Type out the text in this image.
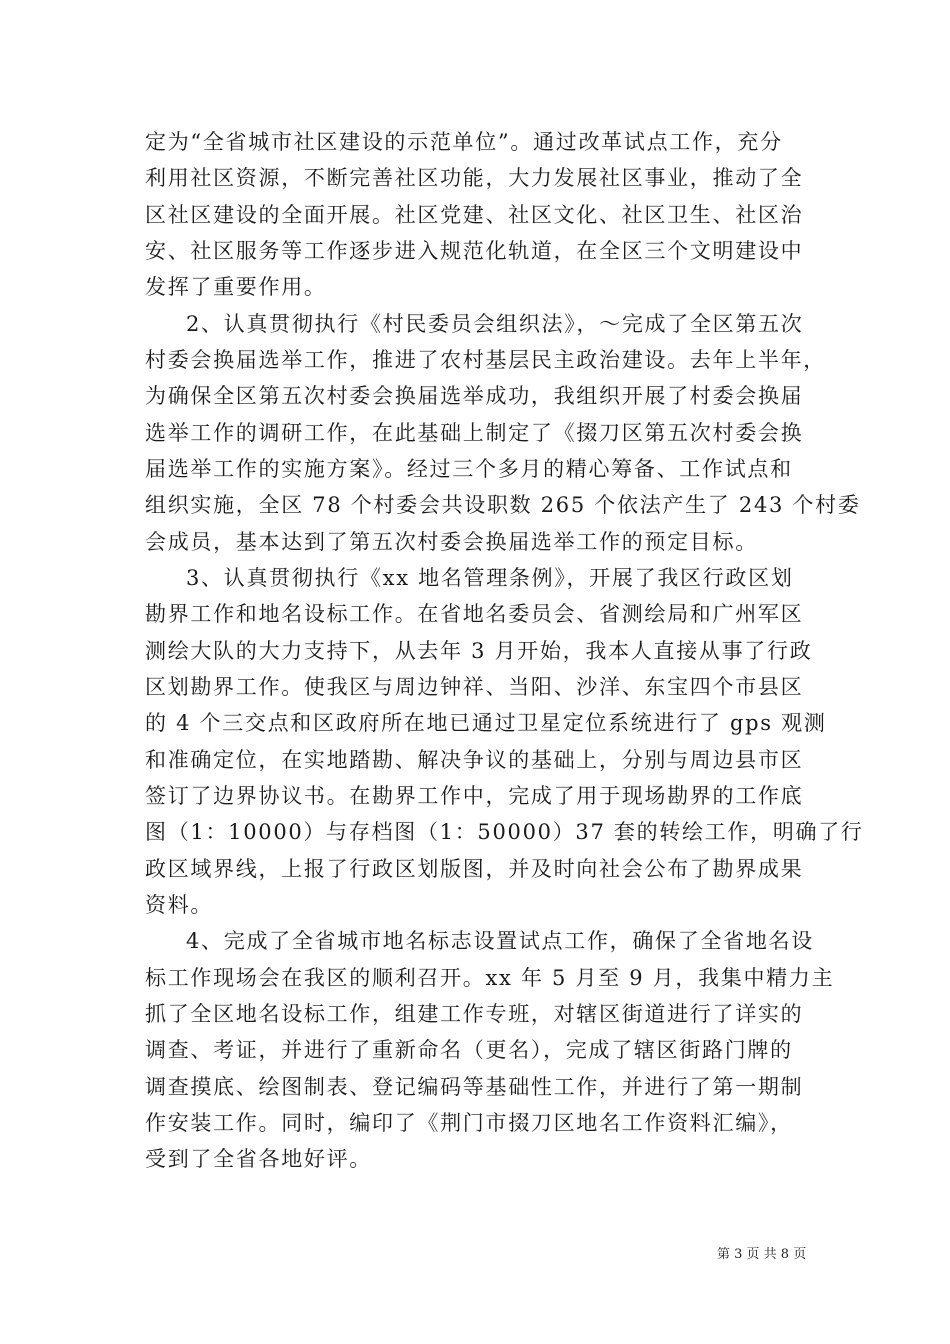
定为“全省城市社区建设的示范单位”。通过改革试点工作，充分
利用社区资源，不断完善社区功能，大力发展社区事业，推动了全
区社区建设的全面开展。社区党建、社区文化、社区卫生、社区治
安、社区服务等工作逐步进入规范化轨道，在全区三个文明建设中
发挥了重要作用。
2、认真贯彻执行《村民委员会组织法》，～完成了全区第五次
村委会换届选举工作，推进了农村基层民主政治建设。去年上半年，
为确保全区第五次村委会换届选举成功，我组织开展了村委会换届
选举工作的调研工作，在此基础上制定了《掇刀区第五次村委会换
届选举工作的实施方案》。经过三个多月的精心筹备、工作试点和
组织实施，全区 78 个村委会共设职数 265 个依法产生了 243 个村委
会成员，基本达到了第五次村委会换届选举工作的预定目标。
3、认真贯彻执行《xx 地名管理条例》，开展了我区行政区划
勘界工作和地名设标工作。在省地名委员会、省测绘局和广州军区
测绘大队的大力支持下，从去年 3 月开始，我本人直接从事了行政
区划勘界工作。使我区与周边钟祥、当阳、沙洋、东宝四个市县区
的 4 个三交点和区政府所在地已通过卫星定位系统进行了 gps 观测
和准确定位，在实地踏勘、解决争议的基础上，分别与周边县市区
签订了边界协议书。在勘界工作中，完成了用于现场勘界的工作底
图（1：10000）与存档图（1：50000）37 套的转绘工作，明确了行
政区域界线，上报了行政区划版图，并及时向社会公布了勘界成果
资料。
4、完成了全省城市地名标志设置试点工作，确保了全省地名设
标工作现场会在我区的顺利召开。xx 年 5 月至 9 月，我集中精力主
抓了全区地名设标工作，组建工作专班，对辖区街道进行了详实的
调查、考证，并进行了重新命名（更名），完成了辖区街路门牌的
调查摸底、绘图制表、登记编码等基础性工作，并进行了第一期制
作安装工作。同时，编印了《荆门市掇刀区地名工作资料汇编》，
受到了全省各地好评。
第 3 页 共 8 页
